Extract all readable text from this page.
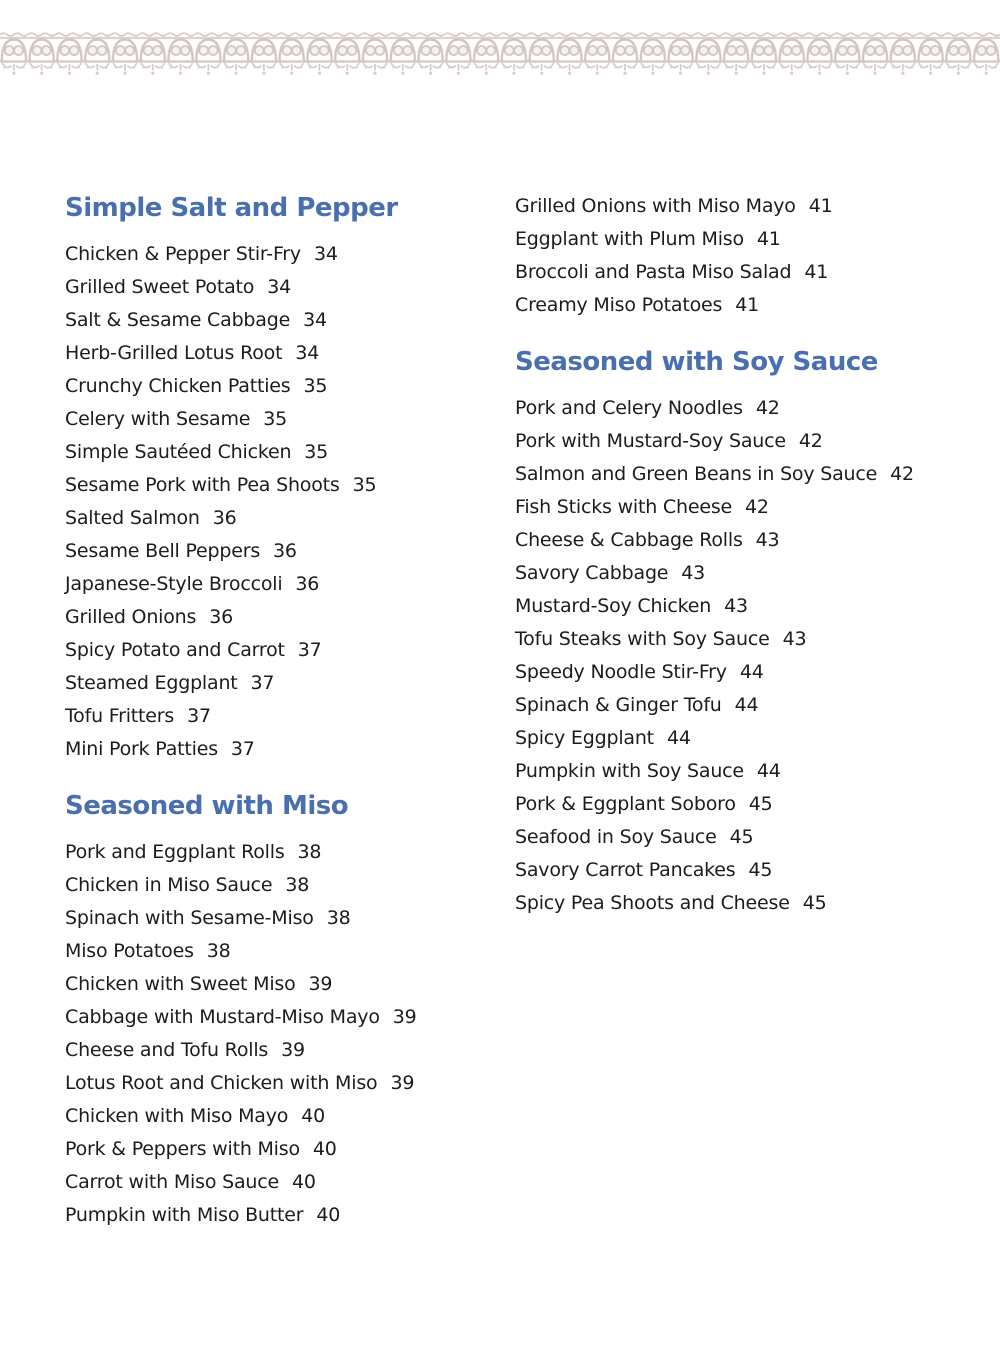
Simple Salt and Pepper
Chicken & Pepper Stir-Fry 34
Grilled Sweet Potato 34
Salt & Sesame Cabbage 34
Herb-Grilled Lotus Root 34
Crunchy Chicken Patties 35
Celery with Sesame 35
Simple Sautéed Chicken 35
Sesame Pork with Pea Shoots 35
Salted Salmon 36
Sesame Bell Peppers 36
Japanese-Style Broccoli 36
Grilled Onions 36
Spicy Potato and Carrot 37
Steamed Eggplant 37
Tofu Fritters 37
Mini Pork Patties 37
Seasoned with Miso
Pork and Eggplant Rolls 38
Chicken in Miso Sauce 38
Spinach with Sesame-Miso 38
Miso Potatoes 38
Chicken with Sweet Miso 39
Cabbage with Mustard-Miso Mayo 39
Cheese and Tofu Rolls 39
Lotus Root and Chicken with Miso 39
Chicken with Miso Mayo 40
Pork & Peppers with Miso 40
Carrot with Miso Sauce 40
Pumpkin with Miso Butter 40
Grilled Onions with Miso Mayo 41
Eggplant with Plum Miso 41
Broccoli and Pasta Miso Salad 41
Creamy Miso Potatoes 41
Seasoned with Soy Sauce
Pork and Celery Noodles 42
Pork with Mustard-Soy Sauce 42
Salmon and Green Beans in Soy Sauce 42
Fish Sticks with Cheese 42
Cheese & Cabbage Rolls 43
Savory Cabbage 43
Mustard-Soy Chicken 43
Tofu Steaks with Soy Sauce 43
Speedy Noodle Stir-Fry 44
Spinach & Ginger Tofu 44
Spicy Eggplant 44
Pumpkin with Soy Sauce 44
Pork & Eggplant Soboro 45
Seafood in Soy Sauce 45
Savory Carrot Pancakes 45
Spicy Pea Shoots and Cheese 45
